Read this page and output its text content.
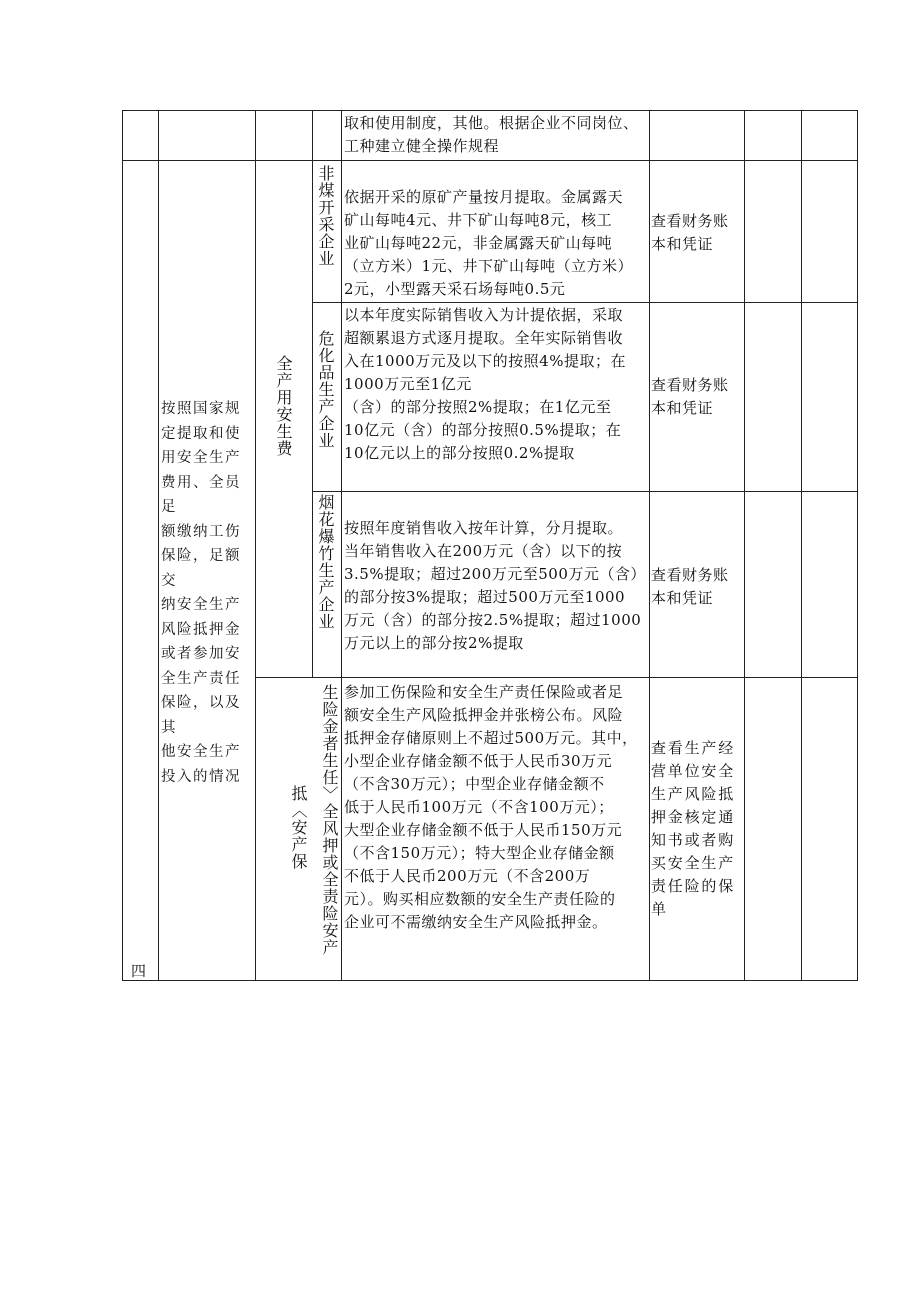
取和使用制度，其他。根据企业不同岗位、
工种建立健全操作规程
四
按照国家规
定提取和使
用安全生产
费用、全员足
额缴纳工伤
保险，足额交
纳安全生产
风险抵押金
或者参加安
全生产责任
保险，以及其
他安全生产
投入的情况
全产用安生费
非煤开采企业 依据开采的原矿产量按月提取。金属露天
矿山每吨4元、井下矿山每吨8元，核工
业矿山每吨22元，非金属露天矿山每吨
（立方米）1元、井下矿山每吨（立方米）
2元，小型露天采石场每吨0.5元
查看财务账
本和凭证
危化品生产企业
以本年度实际销售收入为计提依据，采取
超额累退方式逐月提取。全年实际销售收
入在1000万元及以下的按照4%提取；在
1000万元至1亿元
（含）的部分按照2%提取；在1亿元至
10亿元（含）的部分按照0.5%提取；在
10亿元以上的部分按照0.2%提取
查看财务账
本和凭证
烟花爆竹生产企业 按照年度销售收入按年计算，分月提取。
当年销售收入在200万元（含）以下的按
3.5%提取；超过200万元至500万元（含）
的部分按3%提取；超过500万元至1000
万元（含）的部分按2.5%提取；超过1000
万元以上的部分按2%提取
查看财务账
本和凭证
生险金者生任〉全风押或全责险安产
抵〈安产保
参加工伤保险和安全生产责任保险或者足
额安全生产风险抵押金并张榜公布。风险
抵押金存储原则上不超过500万元。其中，
小型企业存储金额不低于人民币30万元
（不含30万元）；中型企业存储金额不
低于人民币100万元（不含100万元）；
大型企业存储金额不低于人民币150万元
（不含150万元）；特大型企业存储金额
不低于人民币200万元（不含200万
元）。购买相应数额的安全生产责任险的
企业可不需缴纳安全生产风险抵押金。
查看生产经
营单位安全
生产风险抵
押金核定通
知书或者购
买安全生产
责任险的保
单
